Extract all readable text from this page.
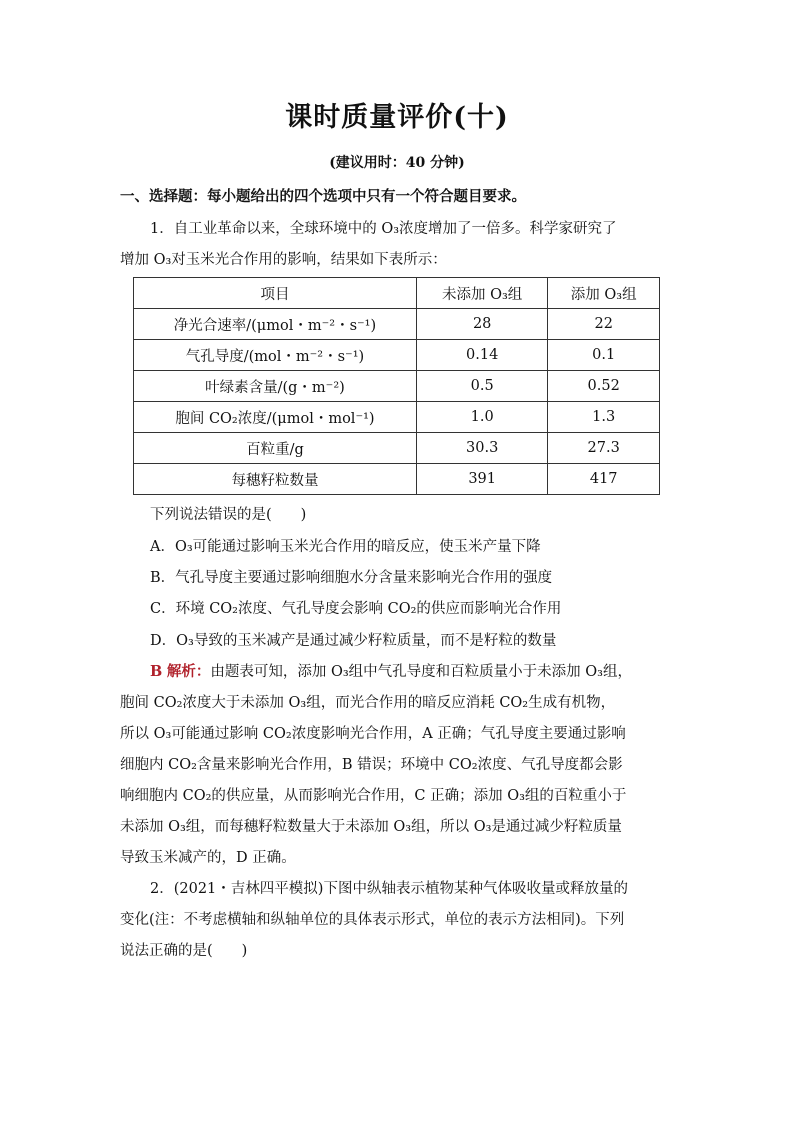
课时质量评价(十)
(建议用时：40 分钟)
一、选择题：每小题给出的四个选项中只有一个符合题目要求。
1．自工业革命以来，全球环境中的 O₃浓度增加了一倍多。科学家研究了
增加 O₃对玉米光合作用的影响，结果如下表所示：
项目	未添加 O₃组	添加 O₃组
净光合速率/(μmol・m⁻²・s⁻¹)	28	22
气孔导度/(mol・m⁻²・s⁻¹)	0.14	0.1
叶绿素含量/(g・m⁻²)	0.5	0.52
胞间 CO₂浓度/(μmol・mol⁻¹)	1.0	1.3
百粒重/g	30.3	27.3
每穗籽粒数量	391	417
下列说法错误的是(　　)
A．O₃可能通过影响玉米光合作用的暗反应，使玉米产量下降
B．气孔导度主要通过影响细胞水分含量来影响光合作用的强度
C．环境 CO₂浓度、气孔导度会影响 CO₂的供应而影响光合作用
D．O₃导致的玉米减产是通过减少籽粒质量，而不是籽粒的数量
B 解析：由题表可知，添加 O₃组中气孔导度和百粒质量小于未添加 O₃组，
胞间 CO₂浓度大于未添加 O₃组，而光合作用的暗反应消耗 CO₂生成有机物，
所以 O₃可能通过影响 CO₂浓度影响光合作用，A 正确；气孔导度主要通过影响
细胞内 CO₂含量来影响光合作用，B 错误；环境中 CO₂浓度、气孔导度都会影
响细胞内 CO₂的供应量，从而影响光合作用，C 正确；添加 O₃组的百粒重小于
未添加 O₃组，而每穗籽粒数量大于未添加 O₃组，所以 O₃是通过减少籽粒质量
导致玉米减产的，D 正确。
2．(2021・吉林四平模拟)下图中纵轴表示植物某种气体吸收量或释放量的
变化(注：不考虑横轴和纵轴单位的具体表示形式，单位的表示方法相同)。下列
说法正确的是(　　)
